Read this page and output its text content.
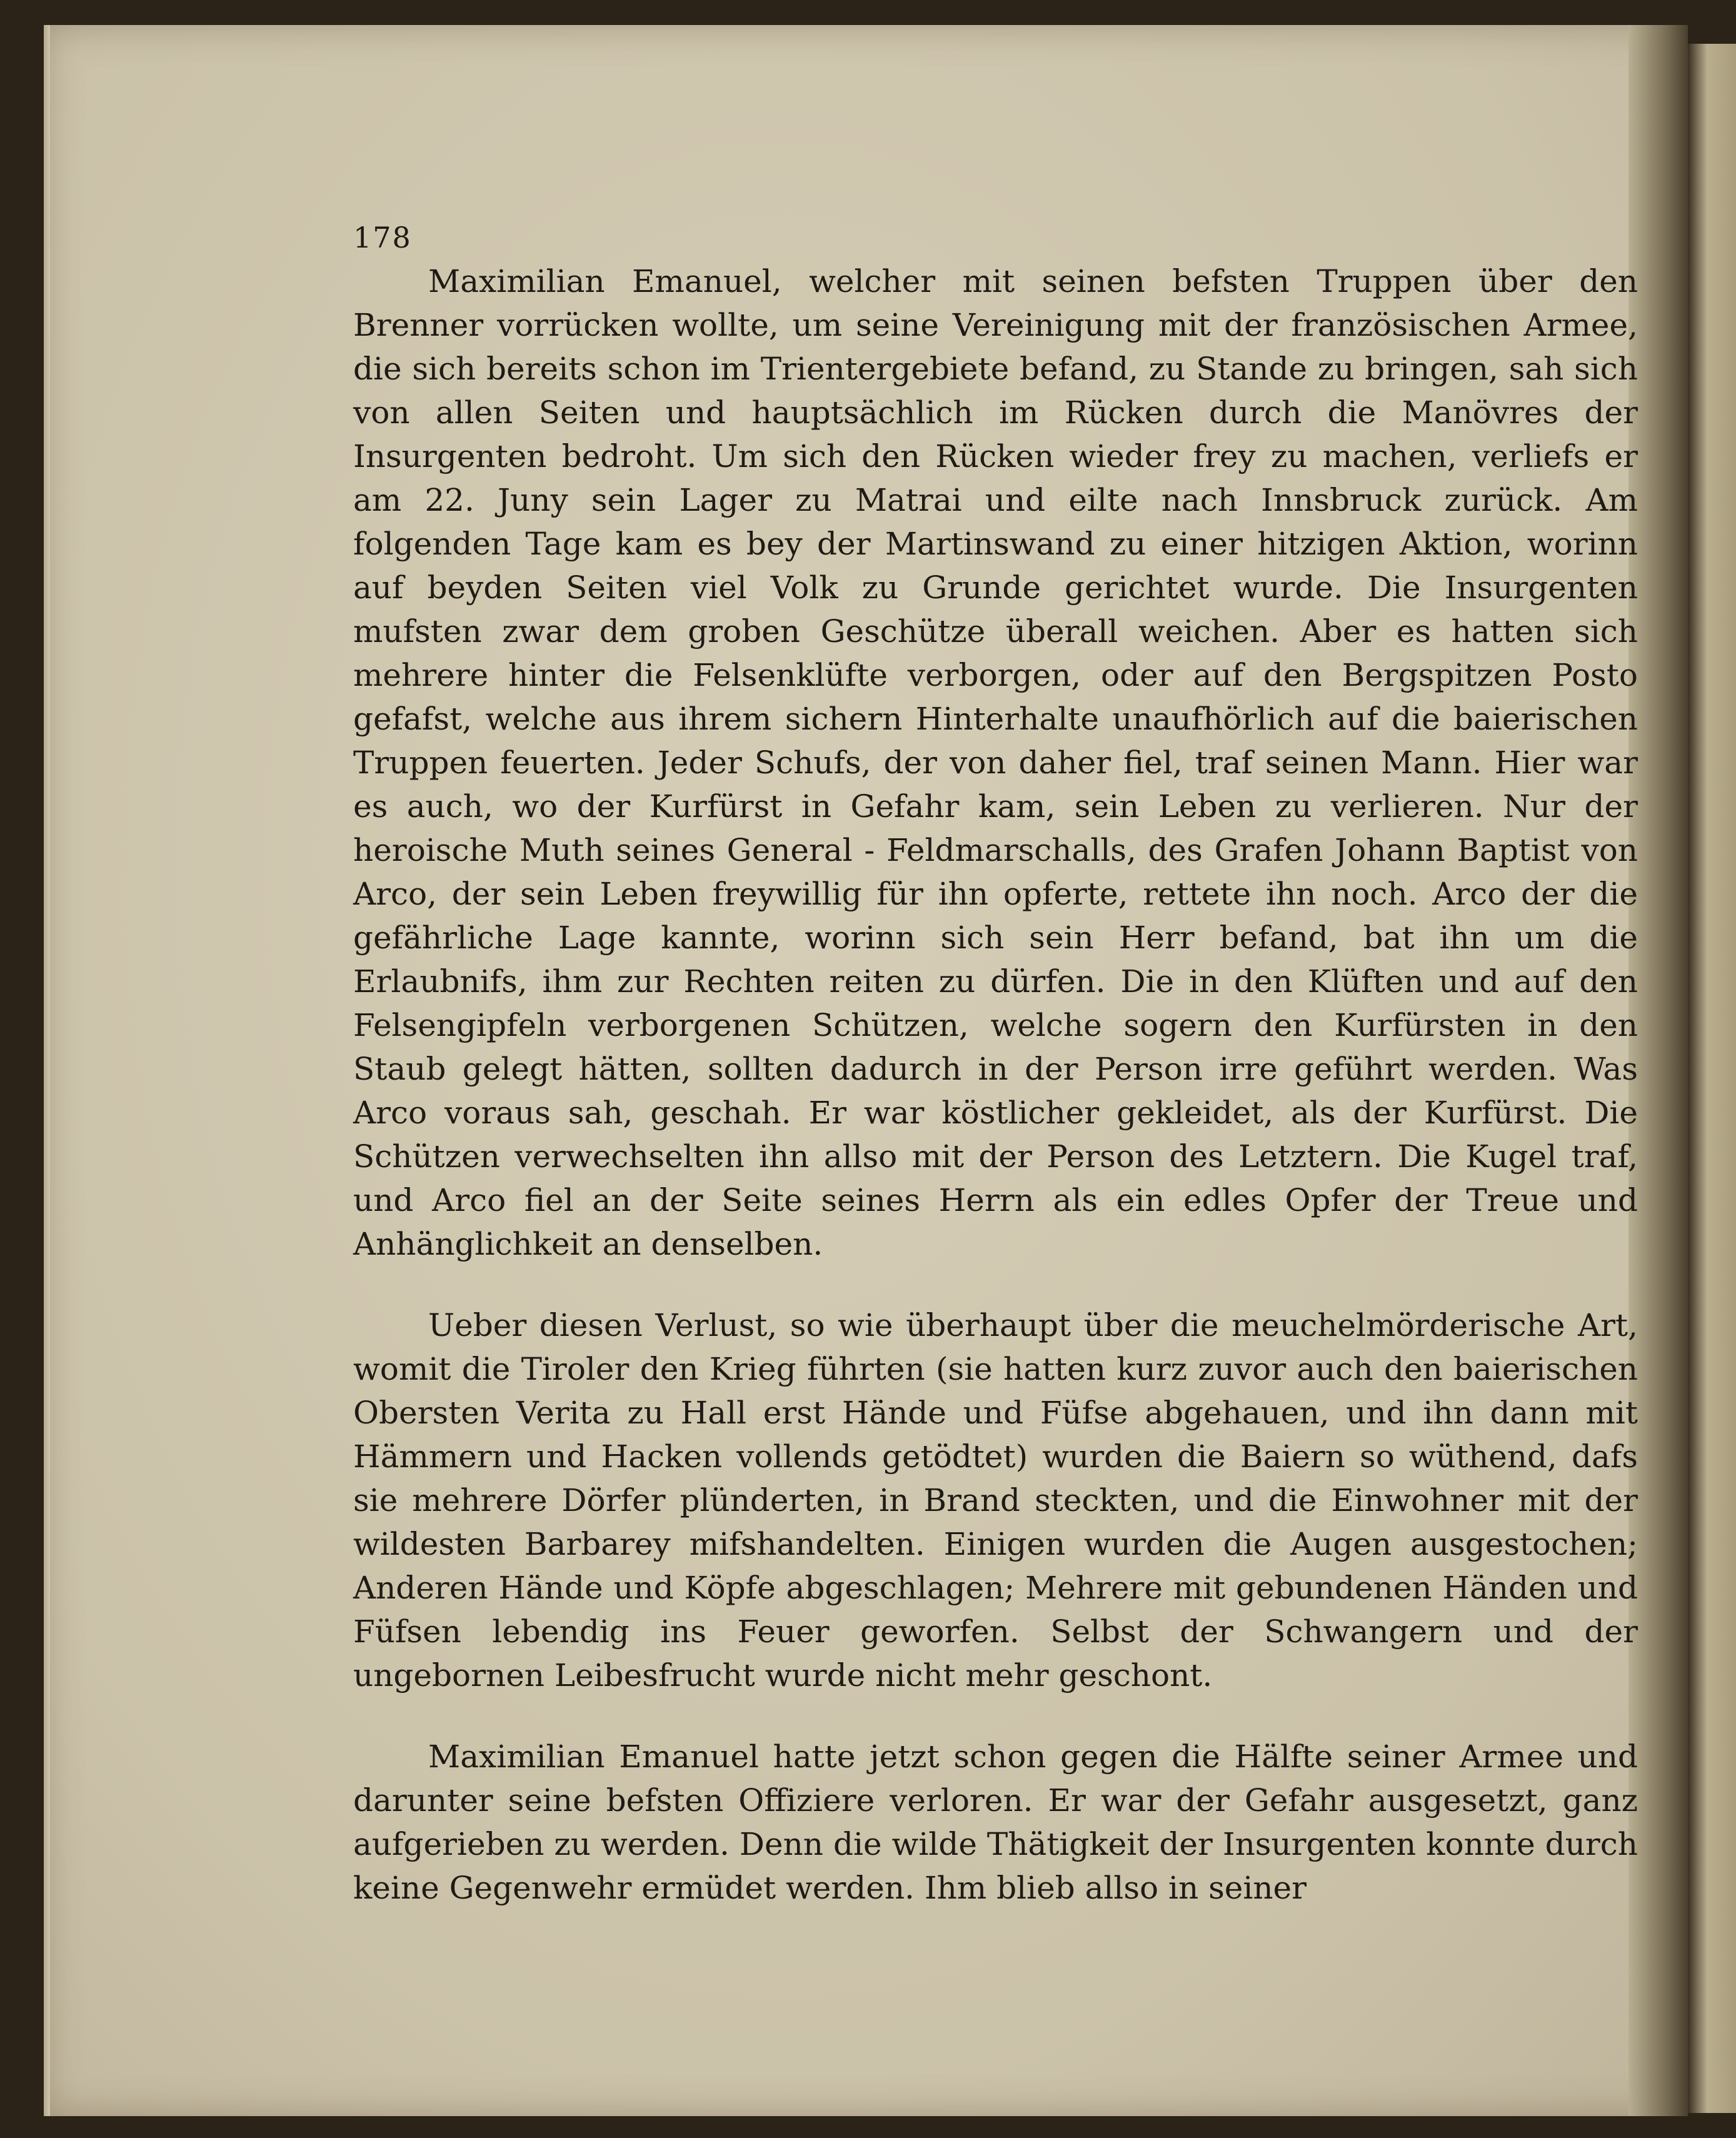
178

Maximilian Emanuel, welcher mit seinen befsten Truppen über den Brenner vorrücken wollte, um seine Vereinigung mit der französischen Armee, die sich bereits schon im Trientergebiete befand, zu Stande zu bringen, sah sich von allen Seiten und hauptsächlich im Rücken durch die Manövres der Insurgenten bedroht. Um sich den Rücken wieder frey zu machen, verliefs er am 22. Juny sein Lager zu Matrai und eilte nach Innsbruck zurück. Am folgenden Tage kam es bey der Martinswand zu einer hitzigen Aktion, worinn auf beyden Seiten viel Volk zu Grunde gerichtet wurde. Die Insurgenten mufsten zwar dem groben Geschütze überall weichen. Aber es hatten sich mehrere hinter die Felsenklüfte verborgen, oder auf den Bergspitzen Posto gefafst, welche aus ihrem sichern Hinterhalte unaufhörlich auf die baierischen Truppen feuerten. Jeder Schufs, der von daher fiel, traf seinen Mann. Hier war es auch, wo der Kurfürst in Gefahr kam, sein Leben zu verlieren. Nur der heroische Muth seines General - Feldmarschalls, des Grafen Johann Baptist von Arco, der sein Leben freywillig für ihn opferte, rettete ihn noch. Arco der die gefährliche Lage kannte, worinn sich sein Herr befand, bat ihn um die Erlaubnifs, ihm zur Rechten reiten zu dürfen. Die in den Klüften und auf den Felsengipfeln verborgenen Schützen, welche sogern den Kurfürsten in den Staub gelegt hätten, sollten dadurch in der Person irre geführt werden. Was Arco voraus sah, geschah. Er war köstlicher gekleidet, als der Kurfürst. Die Schützen verwechselten ihn allso mit der Person des Letztern. Die Kugel traf, und Arco fiel an der Seite seines Herrn als ein edles Opfer der Treue und Anhänglichkeit an denselben.

Ueber diesen Verlust, so wie überhaupt über die meuchelmörderische Art, womit die Tiroler den Krieg führten (sie hatten kurz zuvor auch den baierischen Obersten Verita zu Hall erst Hände und Füfse abgehauen, und ihn dann mit Hämmern und Hacken vollends getödtet) wurden die Baiern so wüthend, dafs sie mehrere Dörfer plünderten, in Brand steckten, und die Einwohner mit der wildesten Barbarey mifshandelten. Einigen wurden die Augen ausgestochen; Anderen Hände und Köpfe abgeschlagen; Mehrere mit gebundenen Händen und Füfsen lebendig ins Feuer geworfen. Selbst der Schwangern und der ungebornen Leibesfrucht wurde nicht mehr geschont.

Maximilian Emanuel hatte jetzt schon gegen die Hälfte seiner Armee und darunter seine befsten Offiziere verloren. Er war der Gefahr ausgesetzt, ganz aufgerieben zu werden. Denn die wilde Thätigkeit der Insurgenten konnte durch keine Gegenwehr ermüdet werden. Ihm blieb allso in seiner
